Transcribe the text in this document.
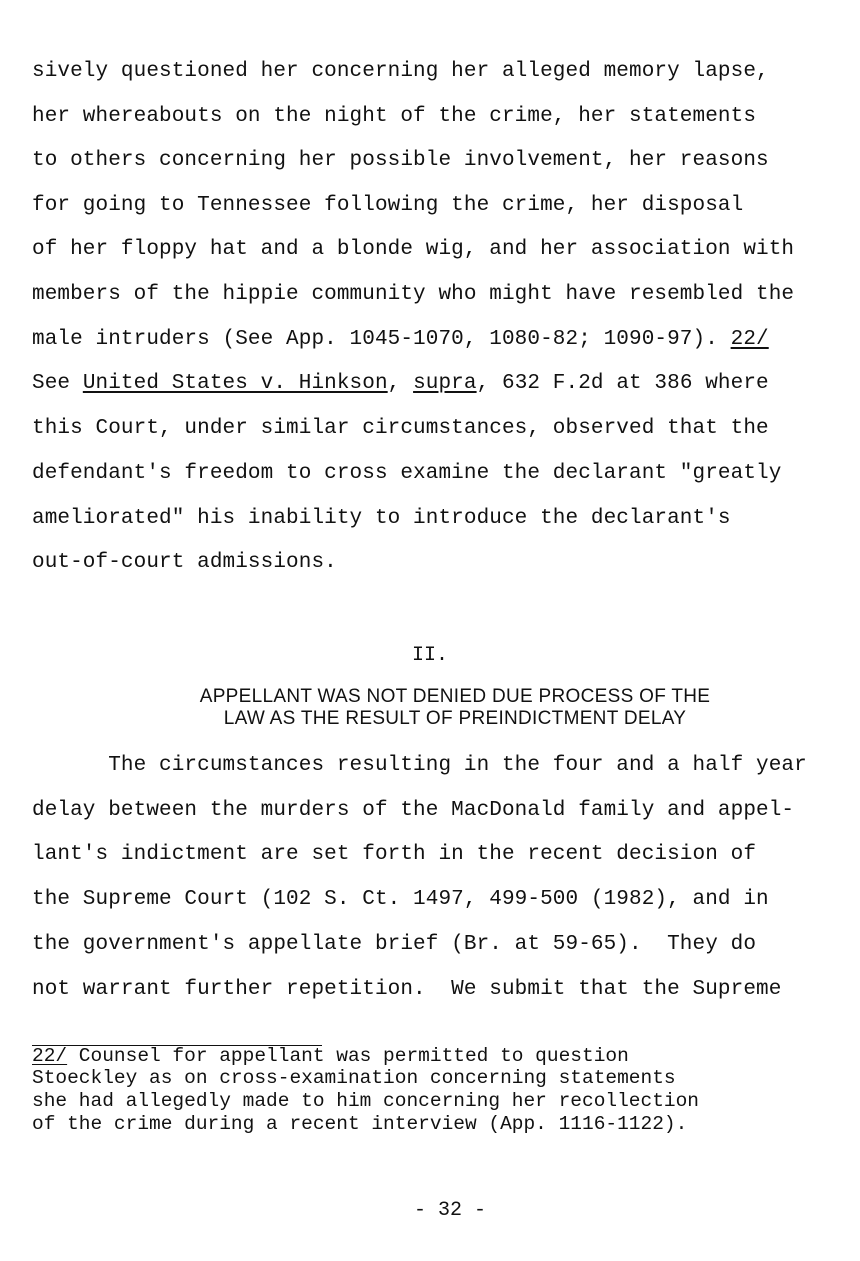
sively questioned her concerning her alleged memory lapse,
her whereabouts on the night of the crime, her statements
to others concerning her possible involvement, her reasons
for going to Tennessee following the crime, her disposal
of her floppy hat and a blonde wig, and her association with
members of the hippie community who might have resembled the
male intruders (See App. 1045-1070, 1080-82; 1090-97). 22/
See United States v. Hinkson, supra, 632 F.2d at 386 where
this Court, under similar circumstances, observed that the
defendant's freedom to cross examine the declarant "greatly
ameliorated" his inability to introduce the declarant's
out-of-court admissions.
II.
APPELLANT WAS NOT DENIED DUE PROCESS OF THE
LAW AS THE RESULT OF PREINDICTMENT DELAY
The circumstances resulting in the four and a half year
delay between the murders of the MacDonald family and appel-
lant's indictment are set forth in the recent decision of
the Supreme Court (102 S. Ct. 1497, 499-500 (1982), and in
the government's appellate brief (Br. at 59-65).  They do
not warrant further repetition.  We submit that the Supreme
22/ Counsel for appellant was permitted to question
Stoeckley as on cross-examination concerning statements
she had allegedly made to him concerning her recollection
of the crime during a recent interview (App. 1116-1122).
- 32 -
